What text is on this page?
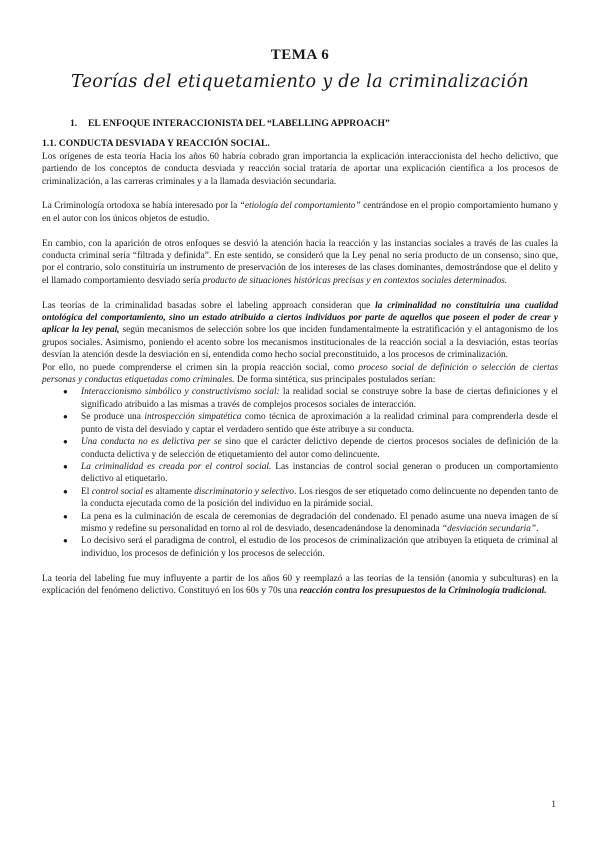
TEMA 6
Teorías del etiquetamiento y de la criminalización
1. EL ENFOQUE INTERACCIONISTA DEL “LABELLING APPROACH”
1.1. CONDUCTA DESVIADA Y REACCIÓN SOCIAL.

Los orígenes de esta teoría Hacia los años 60 habría cobrado gran importancia la explicación interaccionista del hecho delictivo, que partiendo de los conceptos de conducta desviada y reacción social trataría de aportar una explicación científica a los procesos de criminalización, a las carreras criminales y a la llamada desviación secundaria.

La Criminología ortodoxa se había interesado por la “etiología del comportamiento” centrándose en el propio comportamiento humano y en el autor con los únicos objetos de estudio.

En cambio, con la aparición de otros enfoques se desvió la atención hacia la reacción y las instancias sociales a través de las cuales la conducta criminal sería “filtrada y definida”. En este sentido, se consideró que la Ley penal no sería producto de un consenso, sino que, por el contrario, solo constituiría un instrumento de preservación de los intereses de las clases dominantes, demostrándose que el delito y el llamado comportamiento desviado sería producto de situaciones históricas precisas y en contextos sociales determinados.

Las teorías de la criminalidad basadas sobre el labeling approach consideran que la criminalidad no constituiría una cualidad ontológica del comportamiento, sino un estado atribuido a ciertos individuos por parte de aquellos que poseen el poder de crear y aplicar la ley penal, según mecanismos de selección sobre los que inciden fundamentalmente la estratificación y el antagonismo de los grupos sociales. Asimismo, poniendo el acento sobre los mecanismos institucionales de la reacción social a la desviación, estas teorías desvían la atención desde la desviación en sí, entendida como hecho social preconstituido, a los procesos de criminalización.

Por ello, no puede comprenderse el crimen sin la propia reacción social, como proceso social de definición o selección de ciertas personas y conductas etiquetadas como criminales. De forma sintética, sus principales postulados serían:

● Interaccionismo simbólico y constructivismo social: la realidad social se construye sobre la base de ciertas definiciones y el significado atribuido a las mismas a través de complejos procesos sociales de interacción.
● Se produce una introspección simpatética como técnica de aproximación a la realidad criminal para comprenderla desde el punto de vista del desviado y captar el verdadero sentido que éste atribuye a su conducta.
● Una conducta no es delictiva per se sino que el carácter delictivo depende de ciertos procesos sociales de definición de la conducta delictiva y de selección de etiquetamiento del autor como delincuente.
● La criminalidad es creada por el control social. Las instancias de control social generan o producen un comportamiento delictivo al etiquetarlo.
● El control social es altamente discriminatorio y selectivo. Los riesgos de ser etiquetado como delincuente no dependen tanto de la conducta ejecutada como de la posición del individuo en la pirámide social.
● La pena es la culminación de escala de ceremonias de degradación del condenado. El penado asume una nueva imagen de sí mismo y redefine su personalidad en torno al rol de desviado, desencadenándose la denominada “desviación secundaria”.
● Lo decisivo será el paradigma de control, el estudio de los procesos de criminalización que atribuyen la etiqueta de criminal al individuo, los procesos de definición y los procesos de selección.

La teoría del labeling fue muy influyente a partir de los años 60 y reemplazó a las teorías de la tensión (anomia y subculturas) en la explicación del fenómeno delictivo. Constituyó en los 60s y 70s una reacción contra los presupuestos de la Criminología tradicional.

1
